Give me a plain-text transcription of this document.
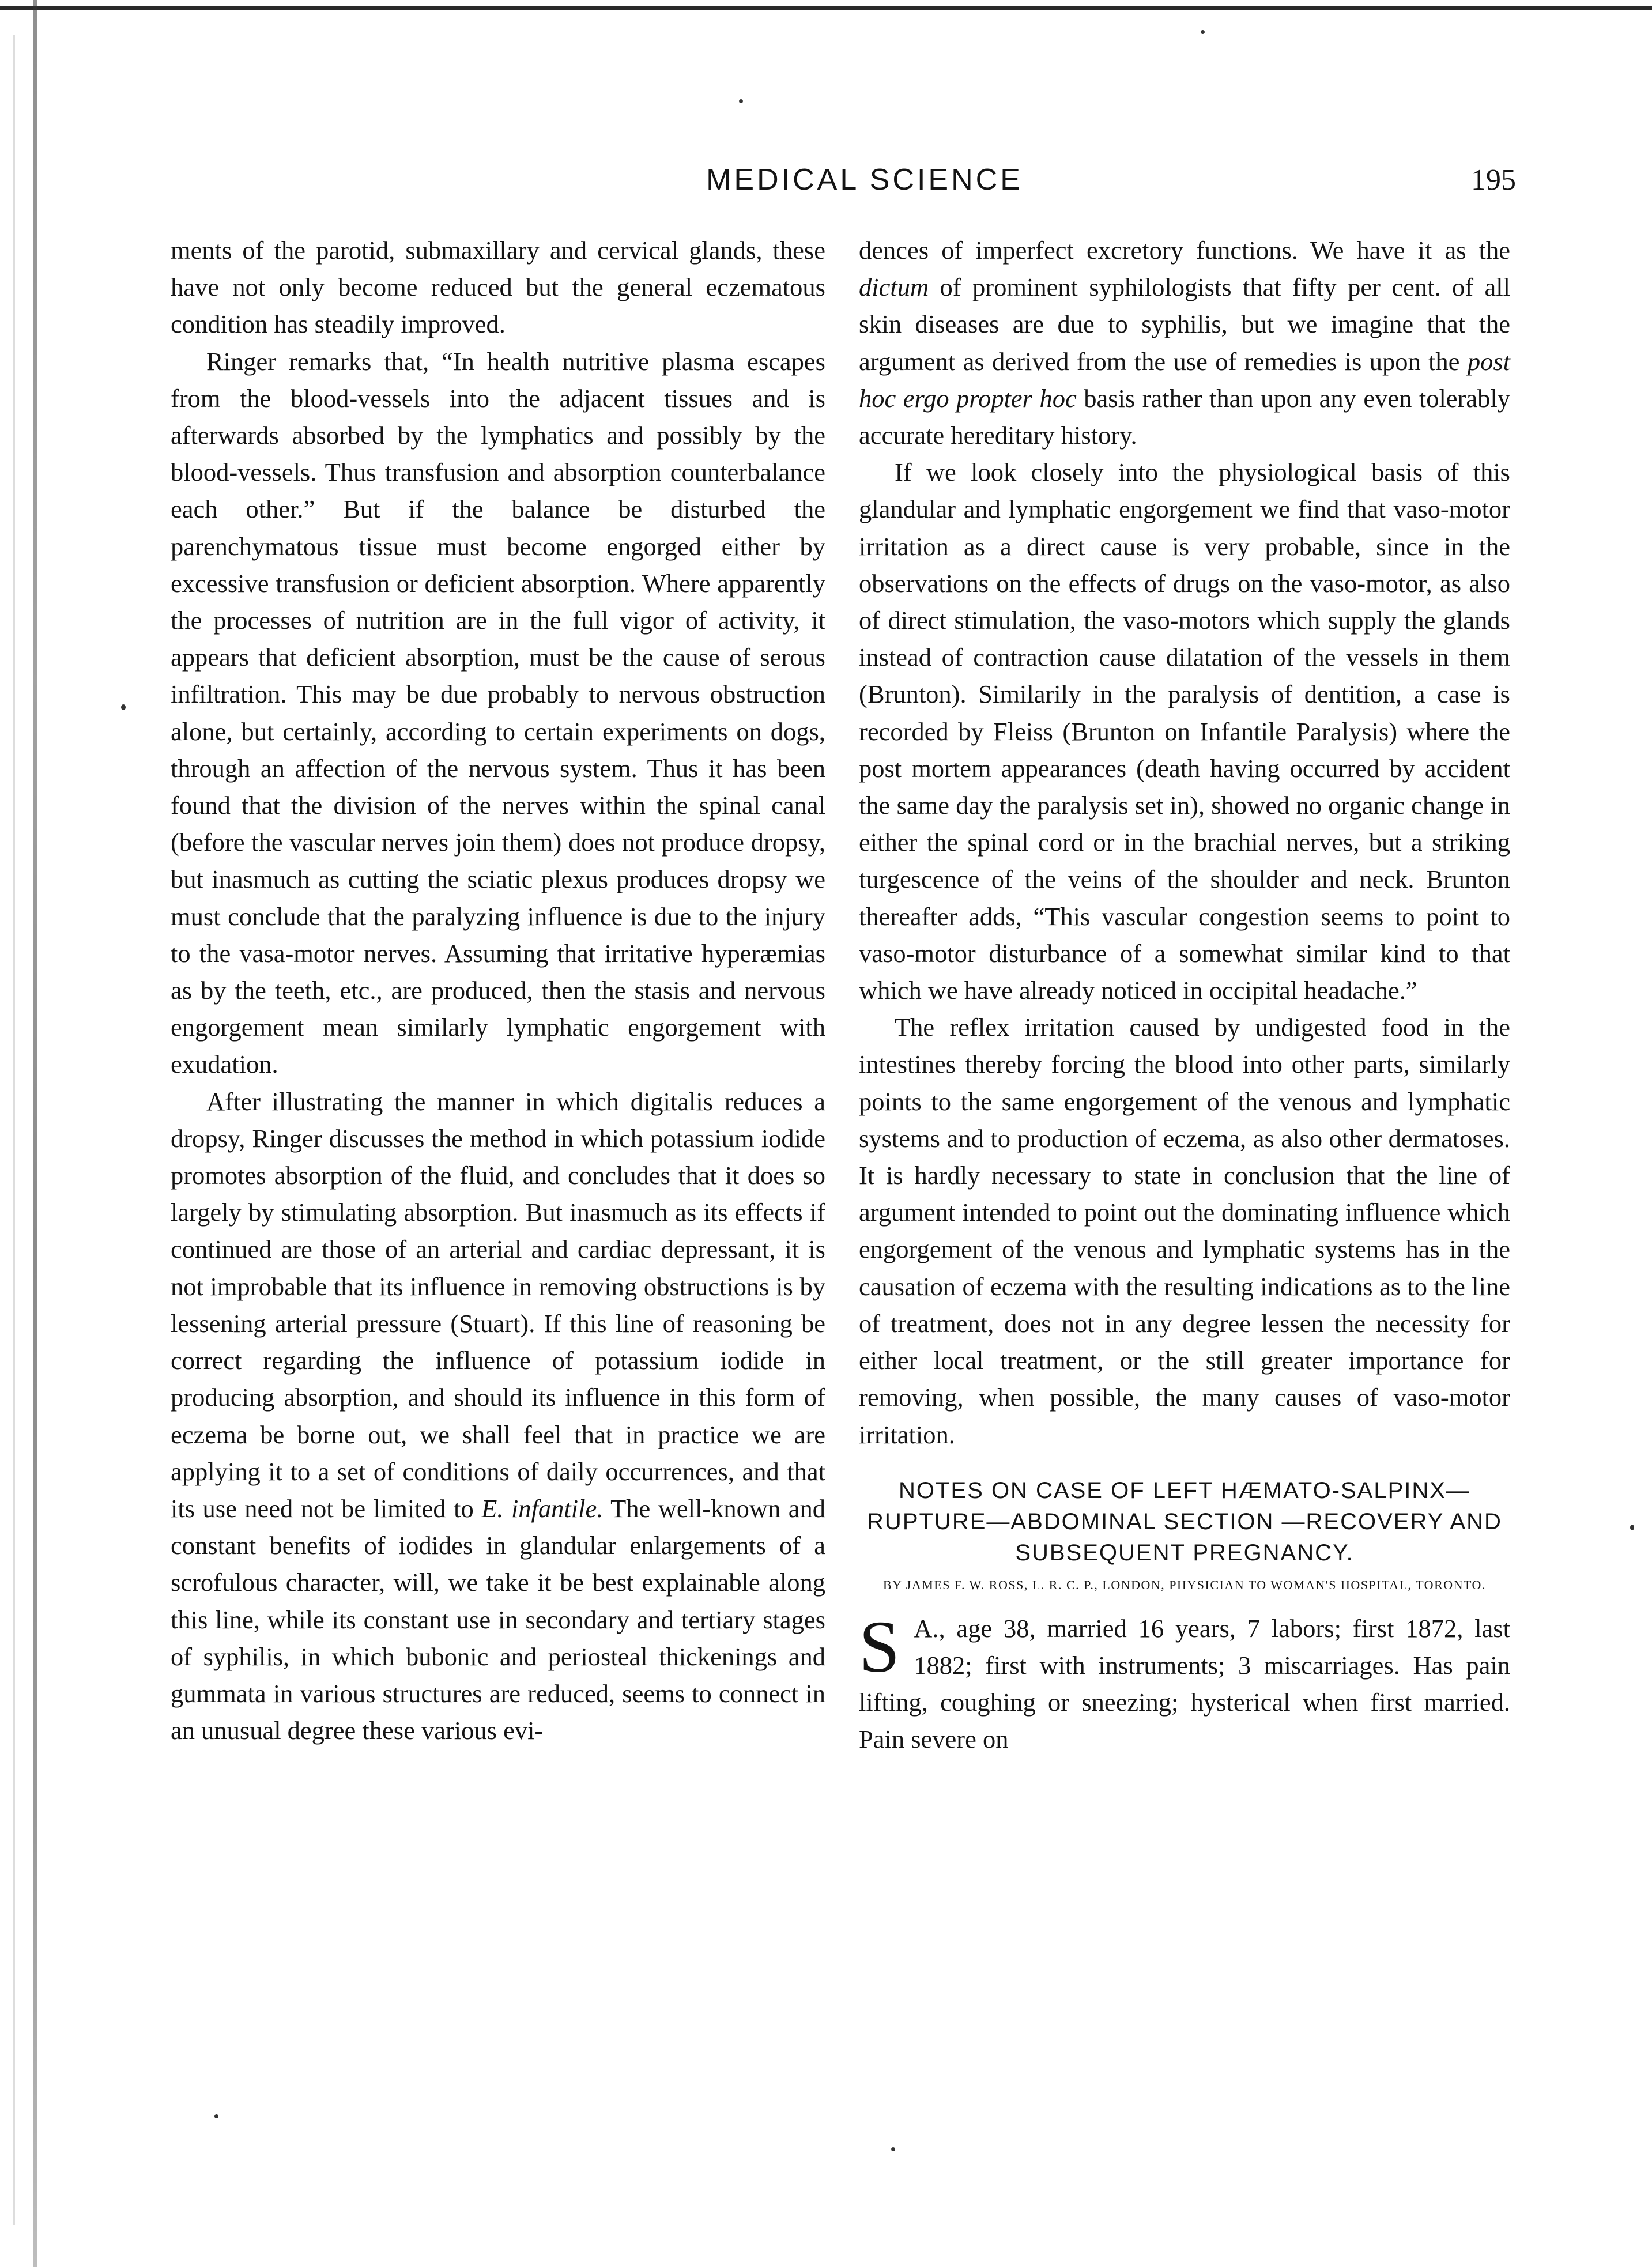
MEDICAL SCIENCE	195

ments of the parotid, submaxillary and cervical glands, these have not only become reduced but the general eczematous condition has steadily improved.

Ringer remarks that, “In health nutritive plasma escapes from the blood-vessels into the adjacent tissues and is afterwards absorbed by the lymphatics and possibly by the blood-vessels. Thus transfusion and absorption counterbalance each other.” But if the balance be disturbed the parenchymatous tissue must become engorged either by excessive transfusion or deficient absorption. Where apparently the processes of nutrition are in the full vigor of activity, it appears that deficient absorption, must be the cause of serous infiltration. This may be due probably to nervous obstruction alone, but certainly, according to certain experiments on dogs, through an affection of the nervous system. Thus it has been found that the division of the nerves within the spinal canal (before the vascular nerves join them) does not produce dropsy, but inasmuch as cutting the sciatic plexus produces dropsy we must conclude that the paralyzing influence is due to the injury to the vasa-motor nerves. Assuming that irritative hyperæmias as by the teeth, etc., are produced, then the stasis and nervous engorgement mean similarly lymphatic engorgement with exudation.

After illustrating the manner in which digitalis reduces a dropsy, Ringer discusses the method in which potassium iodide promotes absorption of the fluid, and concludes that it does so largely by stimulating absorption. But inasmuch as its effects if continued are those of an arterial and cardiac depressant, it is not improbable that its influence in removing obstructions is by lessening arterial pressure (Stuart). If this line of reasoning be correct regarding the influence of potassium iodide in producing absorption, and should its influence in this form of eczema be borne out, we shall feel that in practice we are applying it to a set of conditions of daily occurrences, and that its use need not be limited to E. infantile. The well-known and constant benefits of iodides in glandular enlargements of a scrofulous character, will, we take it be best explainable along this line, while its constant use in secondary and tertiary stages of syphilis, in which bubonic and periosteal thickenings and gummata in various structures are reduced, seems to connect in an unusual degree these various evi-

dences of imperfect excretory functions. We have it as the dictum of prominent syphilologists that fifty per cent. of all skin diseases are due to syphilis, but we imagine that the argument as derived from the use of remedies is upon the post hoc ergo propter hoc basis rather than upon any even tolerably accurate hereditary history.

If we look closely into the physiological basis of this glandular and lymphatic engorgement we find that vaso-motor irritation as a direct cause is very probable, since in the observations on the effects of drugs on the vaso-motor, as also of direct stimulation, the vaso-motors which supply the glands instead of contraction cause dilatation of the vessels in them (Brunton). Similarily in the paralysis of dentition, a case is recorded by Fleiss (Brunton on Infantile Paralysis) where the post mortem appearances (death having occurred by accident the same day the paralysis set in), showed no organic change in either the spinal cord or in the brachial nerves, but a striking turgescence of the veins of the shoulder and neck. Brunton thereafter adds, “This vascular congestion seems to point to vaso-motor disturbance of a somewhat similar kind to that which we have already noticed in occipital headache.”

The reflex irritation caused by undigested food in the intestines thereby forcing the blood into other parts, similarly points to the same engorgement of the venous and lymphatic systems and to production of eczema, as also other dermatoses. It is hardly necessary to state in conclusion that the line of argument intended to point out the dominating influence which engorgement of the venous and lymphatic systems has in the causation of eczema with the resulting indications as to the line of treatment, does not in any degree lessen the necessity for either local treatment, or the still greater importance for removing, when possible, the many causes of vaso-motor irritation.

NOTES ON CASE OF LEFT HÆMATO-SALPINX—RUPTURE—ABDOMINAL SECTION —RECOVERY AND SUBSEQUENT PREGNANCY.
BY JAMES F. W. ROSS, L. R. C. P., LONDON, PHYSICIAN TO WOMAN'S HOSPITAL, TORONTO.

S A., age 38, married 16 years, 7 labors; first 1872, last 1882; first with instruments; 3 miscarriages. Has pain lifting, coughing or sneezing; hysterical when first married. Pain severe on
